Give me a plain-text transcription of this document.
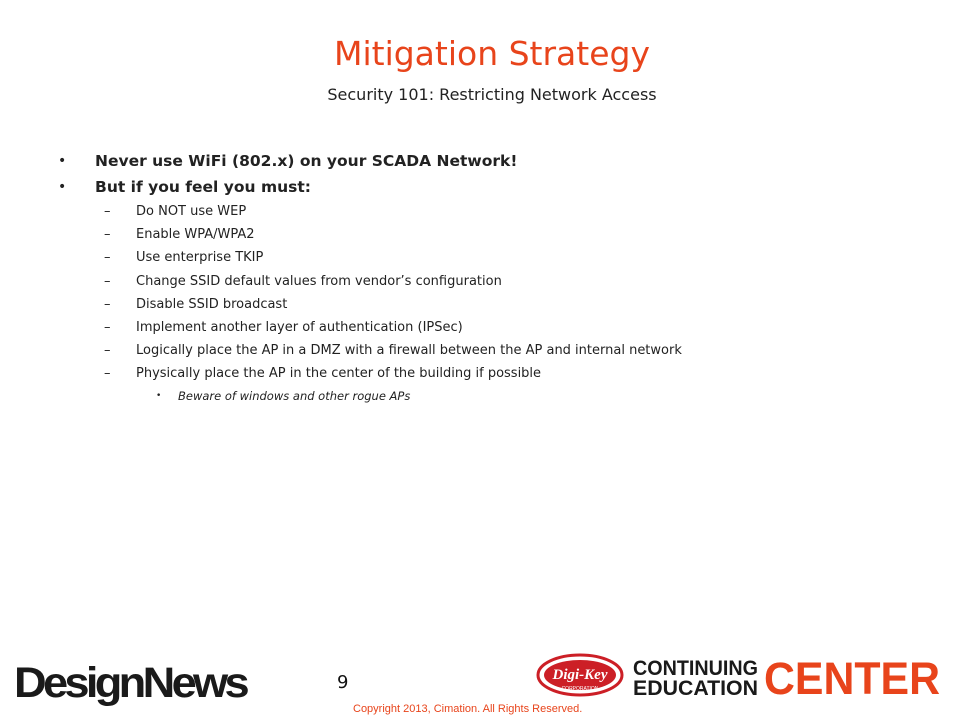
Mitigation Strategy
Security 101: Restricting Network Access
• Never use WiFi (802.x) on your SCADA Network!
• But if you feel you must:
– Do NOT use WEP
– Enable WPA/WPA2
– Use enterprise TKIP
– Change SSID default values from vendor’s configuration
– Disable SSID broadcast
– Implement another layer of authentication (IPSec)
– Logically place the AP in a DMZ with a firewall between the AP and internal network
– Physically place the AP in the center of the building if possible
• Beware of windows and other rogue APs
Design News	9
Copyright 2013, Cimation. All Rights Reserved.
Digi-Key
CORPORATION
CONTINUING
EDUCATION CENTER
